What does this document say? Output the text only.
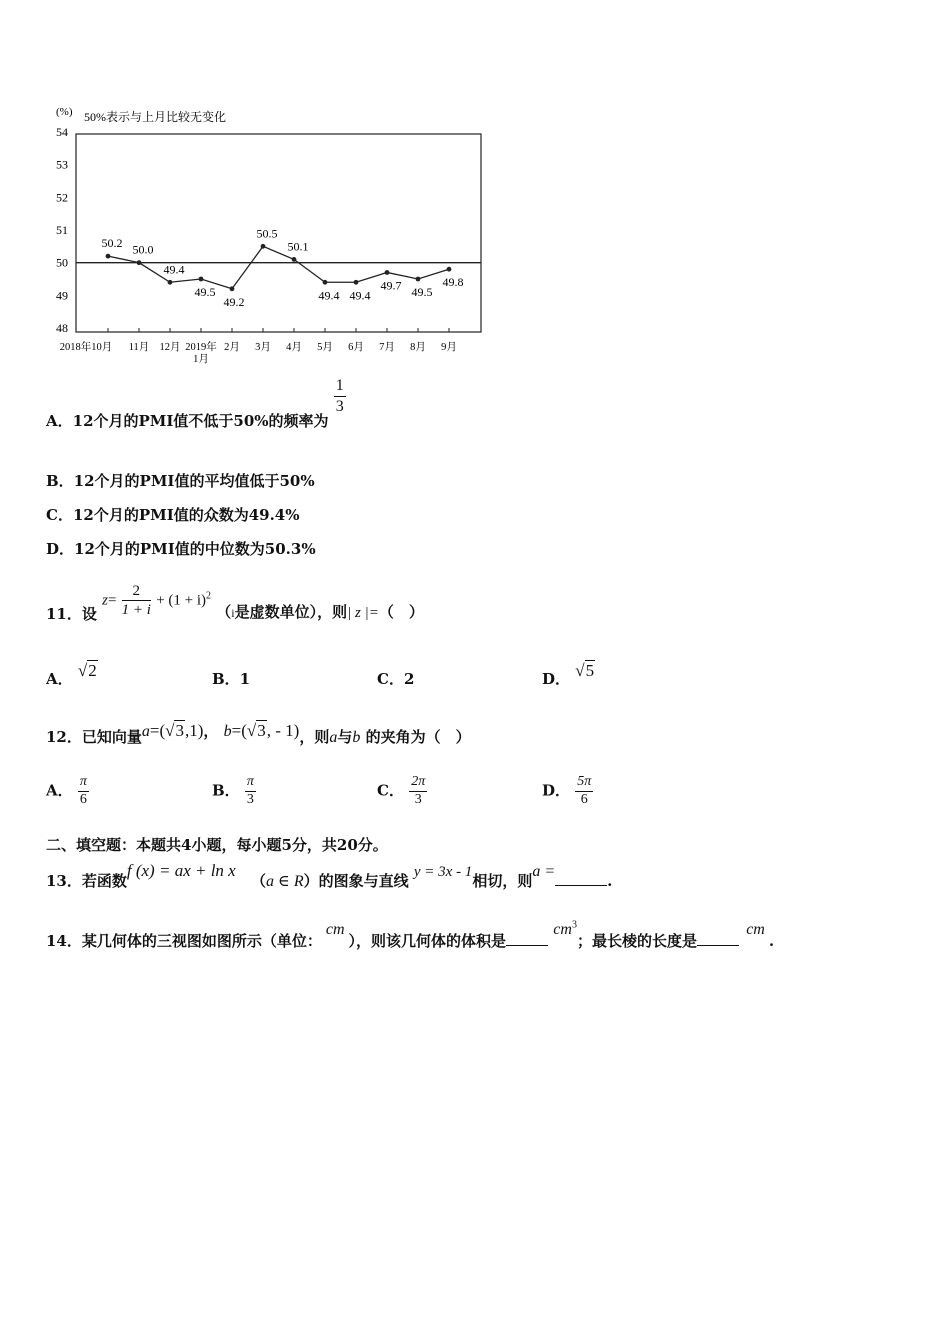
(%) 50%表示与上月比较无变化
54
53
52
51
50
49
48
2018年10月 11月 12月 2019年
1月
2月 3月 4月 5月 6月 7月 8月 9月
50.2 50.0
49.4
49.5
49.2
50.5
50.1
49.4 49.4
49.7 49.5
49.8
A．12个月的PMI值不低于50%的频率为
$\frac{1}{3}$
B．12个月的PMI值的平均值低于50%
C．12个月的PMI值的众数为49.4%
D．12个月的PMI值的中位数为50.3%
11．设 $z= \frac{2}{1 + i} + (1 + i)^2$ （i是虚数单位），则| z |=（　）
A． √2	B．1	C．2	D． √5
12．已知向量a=(√3,1)， b=(√3, - 1)，则a与b 的夹角为（　）
A． $\frac{\pi}{6}$	B． $\frac{\pi}{3}$	C． $\frac{2\pi}{3}$	D． $\frac{5\pi}{6}$
二、填空题：本题共4小题，每小题5分，共20分。
13．若函数f (x) = ax + ln x （a ∈ R）的图象与直线 y = 3x - 1相切，则a =.
14．某几何体的三视图如图所示（单位：cm），则该几何体的体积是 $cm^3$；最长棱的长度是 cm.
